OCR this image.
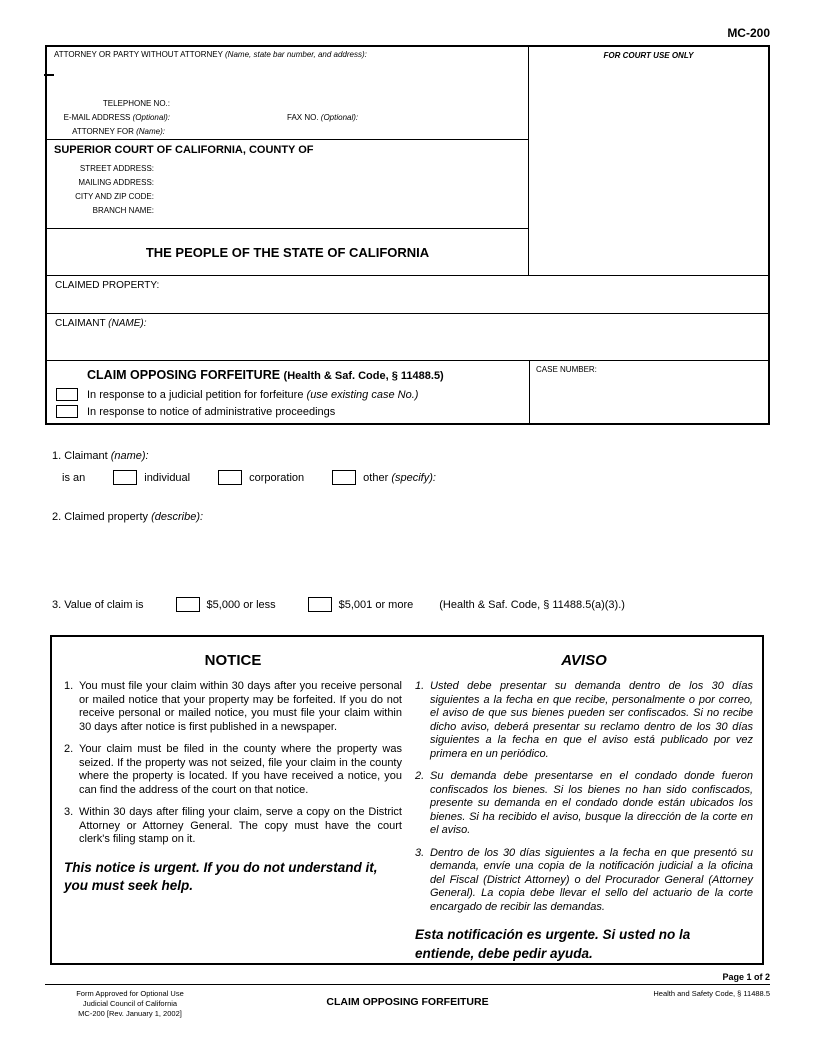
MC-200
ATTORNEY OR PARTY WITHOUT ATTORNEY (Name, state bar number, and address):
TELEPHONE NO.:
E-MAIL ADDRESS (Optional):	FAX NO. (Optional):
ATTORNEY FOR (Name):
SUPERIOR COURT OF CALIFORNIA, COUNTY OF
STREET ADDRESS:
MAILING ADDRESS:
CITY AND ZIP CODE:
BRANCH NAME:
THE PEOPLE OF THE STATE OF CALIFORNIA
FOR COURT USE ONLY
CLAIMED PROPERTY:
CLAIMANT (NAME):
CLAIM OPPOSING FORFEITURE (Health & Saf. Code, § 11488.5)
In response to a judicial petition for forfeiture (use existing case No.)
In response to notice of administrative proceedings
CASE NUMBER:
1. Claimant (name):
is an	individual	corporation	other (specify):
2. Claimed property (describe):
3. Value of claim is	$5,000 or less	$5,001 or more (Health & Saf. Code, § 11488.5(a)(3).)
NOTICE
1. You must file your claim within 30 days after you receive personal or mailed notice that your property may be forfeited. If you do not receive personal or mailed notice, you must file your claim within 30 days after notice is first published in a newspaper.
2. Your claim must be filed in the county where the property was seized. If the property was not seized, file your claim in the county where the property is located. If you have received a notice, you can find the address of the court on that notice.
3. Within 30 days after filing your claim, serve a copy on the District Attorney or Attorney General. The copy must have the court clerk's filing stamp on it.
This notice is urgent. If you do not understand it, you must seek help.
AVISO
1. Usted debe presentar su demanda dentro de los 30 días siguientes a la fecha en que recibe, personalmente o por correo, el aviso de que sus bienes pueden ser confiscados. Si no recibe dicho aviso, deberá presentar su reclamo dentro de los 30 días siguientes a la fecha en que el aviso está publicado por vez primera en un periódico.
2. Su demanda debe presentarse en el condado donde fueron confiscados los bienes. Si los bienes no han sido confiscados, presente su demanda en el condado donde están ubicados los bienes. Si ha recibido el aviso, busque la dirección de la corte en el aviso.
3. Dentro de los 30 días siguientes a la fecha en que presentó su demanda, envíe una copia de la notificación judicial a la oficina del Fiscal (District Attorney) o del Procurador General (Attorney General). La copia debe llevar el sello del actuario de la corte encargado de recibir las demandas.
Esta notificación es urgente. Si usted no la entiende, debe pedir ayuda.
Page 1 of 2
Form Approved for Optional Use
Judicial Council of California
MC-200 [Rev. January 1, 2002]
CLAIM OPPOSING FORFEITURE
Health and Safety Code, § 11488.5
